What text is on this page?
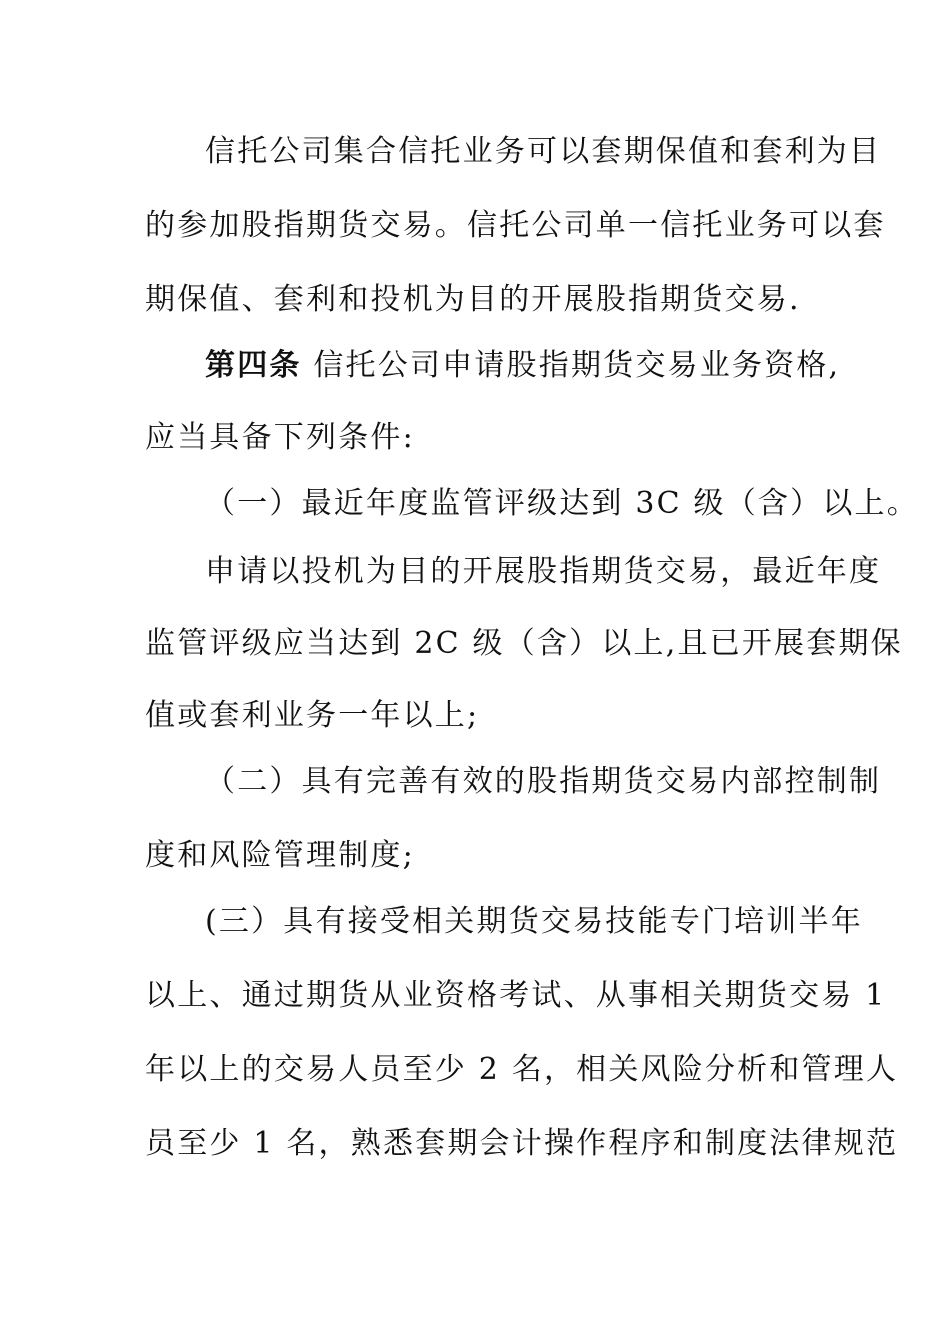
信托公司集合信托业务可以套期保值和套利为目
的参加股指期货交易。信托公司单一信托业务可以套
期保值、套利和投机为目的开展股指期货交易.
第四条 信托公司申请股指期货交易业务资格,
应当具备下列条件:
（一）最近年度监管评级达到 3C 级（含）以上。
申请以投机为目的开展股指期货交易，最近年度
监管评级应当达到 2C 级（含）以上,且已开展套期保
值或套利业务一年以上;
（二）具有完善有效的股指期货交易内部控制制
度和风险管理制度;
(三）具有接受相关期货交易技能专门培训半年
以上、通过期货从业资格考试、从事相关期货交易 1
年以上的交易人员至少 2 名，相关风险分析和管理人
员至少 1 名，熟悉套期会计操作程序和制度法律规范
